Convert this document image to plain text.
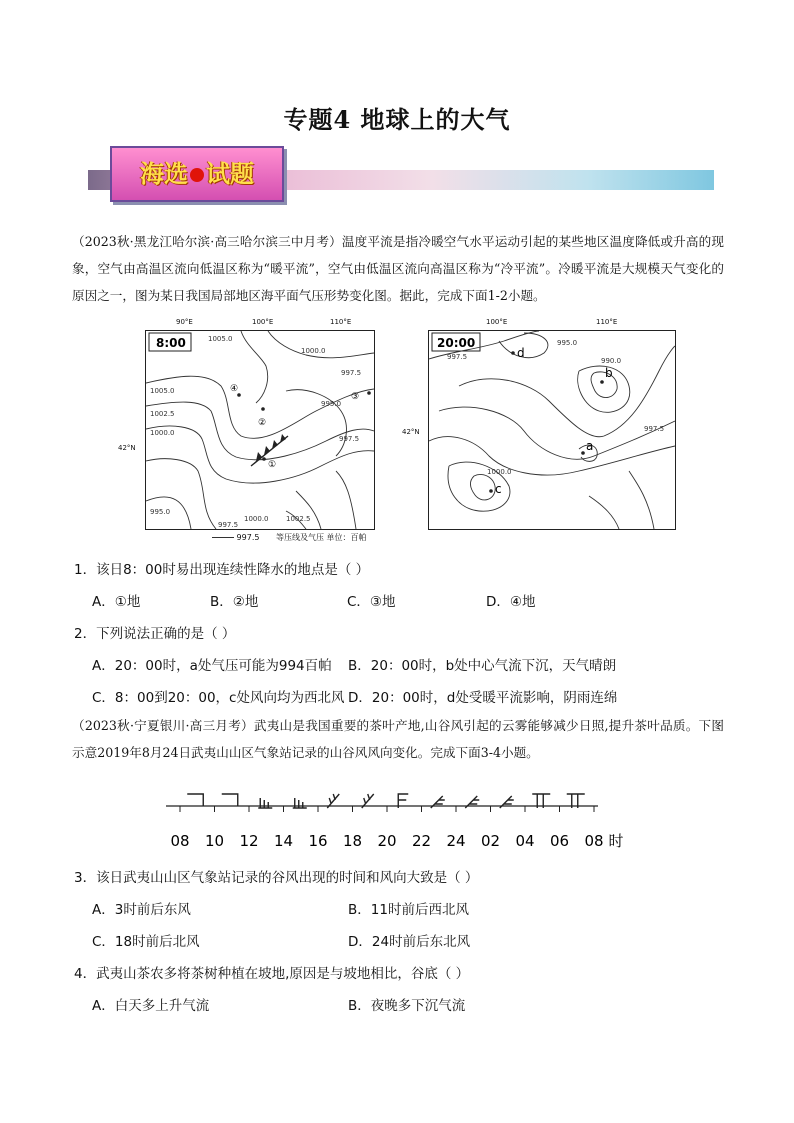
专题4 地球上的大气
海选 试题
（2023秋·黑龙江哈尔滨·高三哈尔滨三中月考）温度平流是指冷暖空气水平运动引起的某些地区温度降低或升高的现象，空气由高温区流向低温区称为“暖平流”，空气由低温区流向高温区称为“冷平流”。冷暖平流是大规模天气变化的原因之一，图为某日我国局部地区海平面气压形势变化图。据此，完成下面1-2小题。
8:00	1005.0
1005.0
1002.5
1000.0
995.0
1000.0
997.5
995.0
997.5
997.5
1000.0	1002.5
④
②
③
①
90°E	100°E	110°E
42°N
20:00
997.5
995.0
990.0
997.5
1000.0
d
b
a
c
100°E	110°E
42°N
997.5 等压线及气压 单位：百帕
1．该日8：00时易出现连续性降水的地点是（ ）
A．①地	B．②地	C．③地	D．④地
2．下列说法正确的是（ ）
A．20：00时，a处气压可能为994百帕 B．20：00时，b处中心气流下沉，天气晴朗
C．8：00到20：00，c处风向均为西北风 D．20：00时，d处受暖平流影响，阴雨连绵
（2023秋·宁夏银川·高三月考）武夷山是我国重要的茶叶产地,山谷风引起的云雾能够减少日照,提升茶叶品质。下图示意2019年8月24日武夷山山区气象站记录的山谷风风向变化。完成下面3-4小题。
08 10 12 14 16 18 20 22 24 02 04 06 08 时
3．该日武夷山山区气象站记录的谷风出现的时间和风向大致是（ ）
A．3时前后东风	B．11时前后西北风
C．18时前后北风	D．24时前后东北风
4．武夷山茶农多将茶树种植在坡地,原因是与坡地相比，谷底（ ）
A．白天多上升气流	B．夜晚多下沉气流
